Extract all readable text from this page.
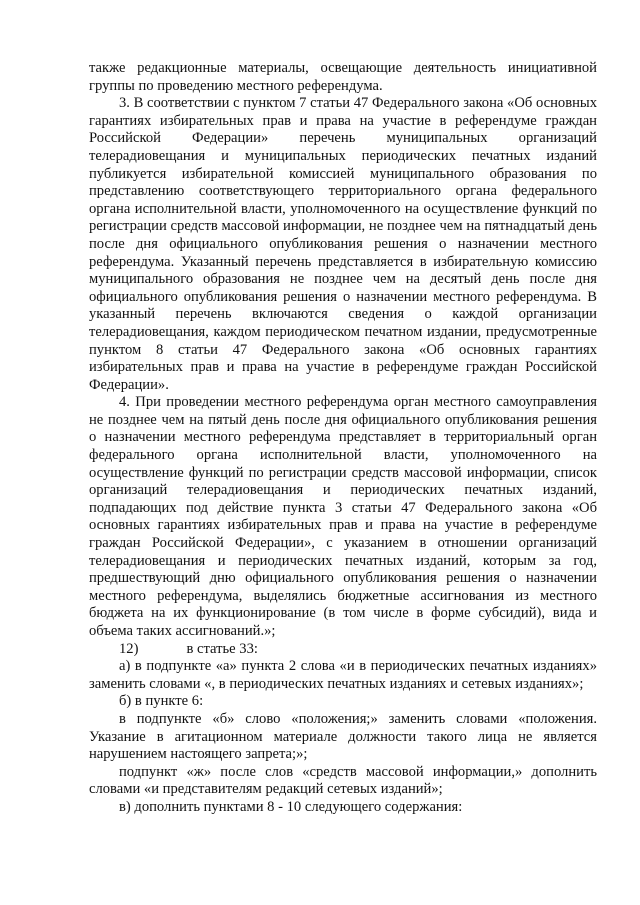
также редакционные материалы, освещающие деятельность инициативной группы по проведению местного референдума.

3. В соответствии с пунктом 7 статьи 47 Федерального закона «Об основных гарантиях избирательных прав и права на участие в референдуме граждан Российской Федерации» перечень муниципальных организаций телерадиовещания и муниципальных периодических печатных изданий публикуется избирательной комиссией муниципального образования по представлению соответствующего территориального органа федерального органа исполнительной власти, уполномоченного на осуществление функций по регистрации средств массовой информации, не позднее чем на пятнадцатый день после дня официального опубликования решения о назначении местного референдума. Указанный перечень представляется в избирательную комиссию муниципального образования не позднее чем на десятый день после дня официального опубликования решения о назначении местного референдума. В указанный перечень включаются сведения о каждой организации телерадиовещания, каждом периодическом печатном издании, предусмотренные пунктом 8 статьи 47 Федерального закона «Об основных гарантиях избирательных прав и права на участие в референдуме граждан Российской Федерации».

4. При проведении местного референдума орган местного самоуправления не позднее чем на пятый день после дня официального опубликования решения о назначении местного референдума представляет в территориальный орган федерального органа исполнительной власти, уполномоченного на осуществление функций по регистрации средств массовой информации, список организаций телерадиовещания и периодических печатных изданий, подпадающих под действие пункта 3 статьи 47 Федерального закона «Об основных гарантиях избирательных прав и права на участие в референдуме граждан Российской Федерации», с указанием в отношении организаций телерадиовещания и периодических печатных изданий, которым за год, предшествующий дню официального опубликования решения о назначении местного референдума, выделялись бюджетные ассигнования из местного бюджета на их функционирование (в том числе в форме субсидий), вида и объема таких ассигнований.»;

12)	в статье 33:

а) в подпункте «а» пункта 2 слова «и в периодических печатных изданиях» заменить словами «, в периодических печатных изданиях и сетевых изданиях»;

б) в пункте 6:

в подпункте «б» слово «положения;» заменить словами «положения. Указание в агитационном материале должности такого лица не является нарушением настоящего запрета;»;

подпункт «ж» после слов «средств массовой информации,» дополнить словами «и представителям редакций сетевых изданий»;

в) дополнить пунктами 8 - 10 следующего содержания:
